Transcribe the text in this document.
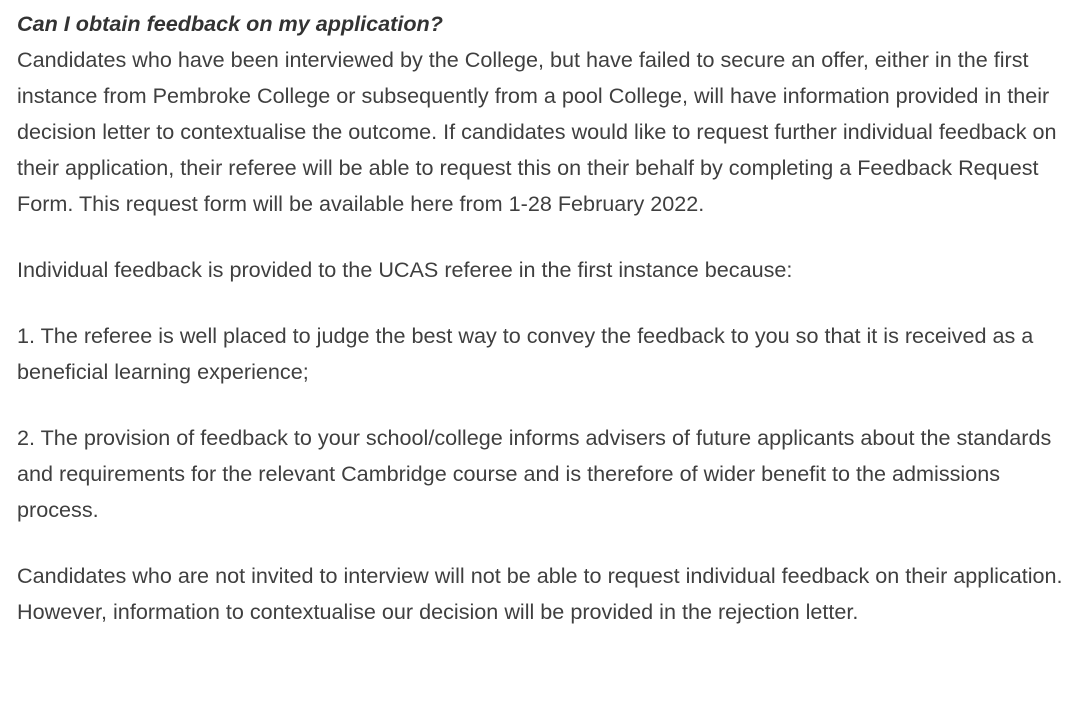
Can I obtain feedback on my application?

Candidates who have been interviewed by the College, but have failed to secure an offer, either in the first instance from Pembroke College or subsequently from a pool College, will have information provided in their decision letter to contextualise the outcome. If candidates would like to request further individual feedback on their application, their referee will be able to request this on their behalf by completing a Feedback Request Form. This request form will be available here from 1-28 February 2022.

Individual feedback is provided to the UCAS referee in the first instance because:

1. The referee is well placed to judge the best way to convey the feedback to you so that it is received as a beneficial learning experience;

2. The provision of feedback to your school/college informs advisers of future applicants about the standards and requirements for the relevant Cambridge course and is therefore of wider benefit to the admissions process.

Candidates who are not invited to interview will not be able to request individual feedback on their application. However, information to contextualise our decision will be provided in the rejection letter.
